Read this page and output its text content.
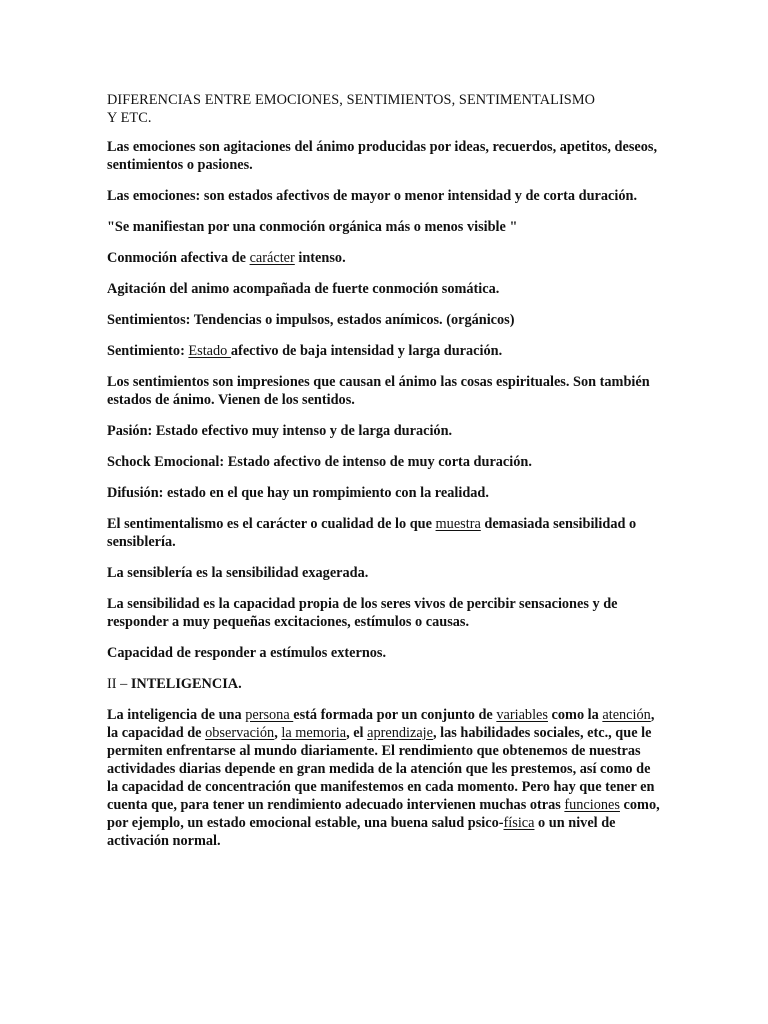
DIFERENCIAS ENTRE EMOCIONES, SENTIMIENTOS, SENTIMENTALISMO
Y ETC.

Las emociones son agitaciones del ánimo producidas por ideas, recuerdos, apetitos, deseos, sentimientos o pasiones.

Las emociones: son estados afectivos de mayor o menor intensidad y de corta duración.

"Se manifiestan por una conmoción orgánica más o menos visible "

Conmoción afectiva de carácter intenso.

Agitación del animo acompañada de fuerte conmoción somática.

Sentimientos: Tendencias o impulsos, estados anímicos. (orgánicos)

Sentimiento: Estado afectivo de baja intensidad y larga duración.

Los sentimientos son impresiones que causan el ánimo las cosas espirituales. Son también estados de ánimo. Vienen de los sentidos.

Pasión: Estado efectivo muy intenso y de larga duración.

Schock Emocional: Estado afectivo de intenso de muy corta duración.

Difusión: estado en el que hay un rompimiento con la realidad.

El sentimentalismo es el carácter o cualidad de lo que muestra demasiada sensibilidad o sensiblería.

La sensiblería es la sensibilidad exagerada.

La sensibilidad es la capacidad propia de los seres vivos de percibir sensaciones y de responder a muy pequeñas excitaciones, estímulos o causas.

Capacidad de responder a estímulos externos.

II – INTELIGENCIA.

La inteligencia de una persona está formada por un conjunto de variables como la atención, la capacidad de observación, la memoria, el aprendizaje, las habilidades sociales, etc., que le permiten enfrentarse al mundo diariamente. El rendimiento que obtenemos de nuestras actividades diarias depende en gran medida de la atención que les prestemos, así como de la capacidad de concentración que manifestemos en cada momento. Pero hay que tener en cuenta que, para tener un rendimiento adecuado intervienen muchas otras funciones como, por ejemplo, un estado emocional estable, una buena salud psico-física o un nivel de activación normal.
